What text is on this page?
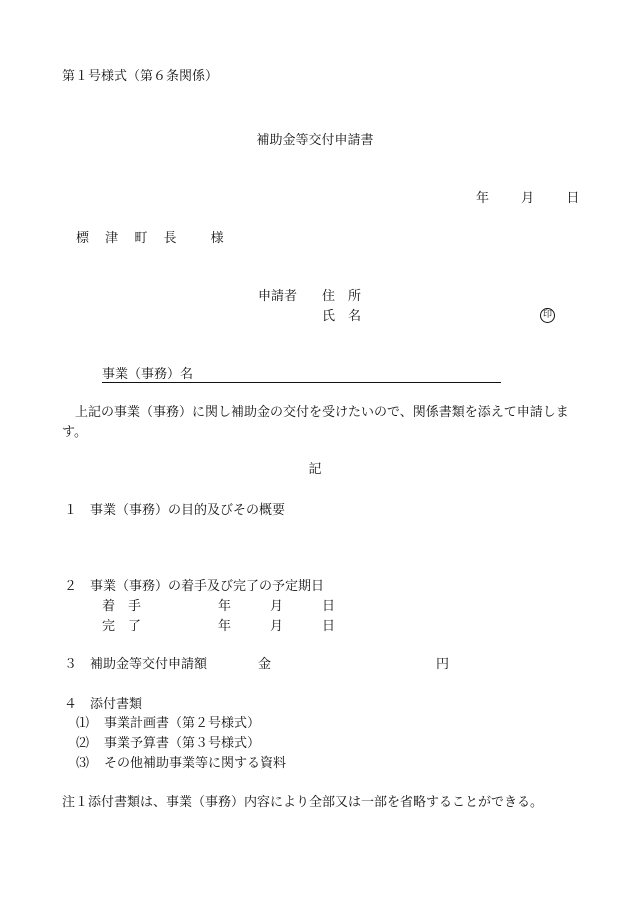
第１号様式（第６条関係）
補助金等交付申請書
年 月 日
標 津 町 長	様
申請者 住　所
氏　名	印
事業（事務）名
上記の事業（事務）に関し補助金の交付を受けたいので、関係書類を添えて申請します。
記
１ 事業（事務）の目的及びその概要
２ 事業（事務）の着手及び完了の予定期日
着　手	年	月	日
完　了	年	月	日
３ 補助金等交付申請額	金	円
４ 添付書類
⑴ 事業計画書（第２号様式）
⑵ 事業予算書（第３号様式）
⑶ その他補助事業等に関する資料
注１添付書類は、事業（事務）内容により全部又は一部を省略することができる。
